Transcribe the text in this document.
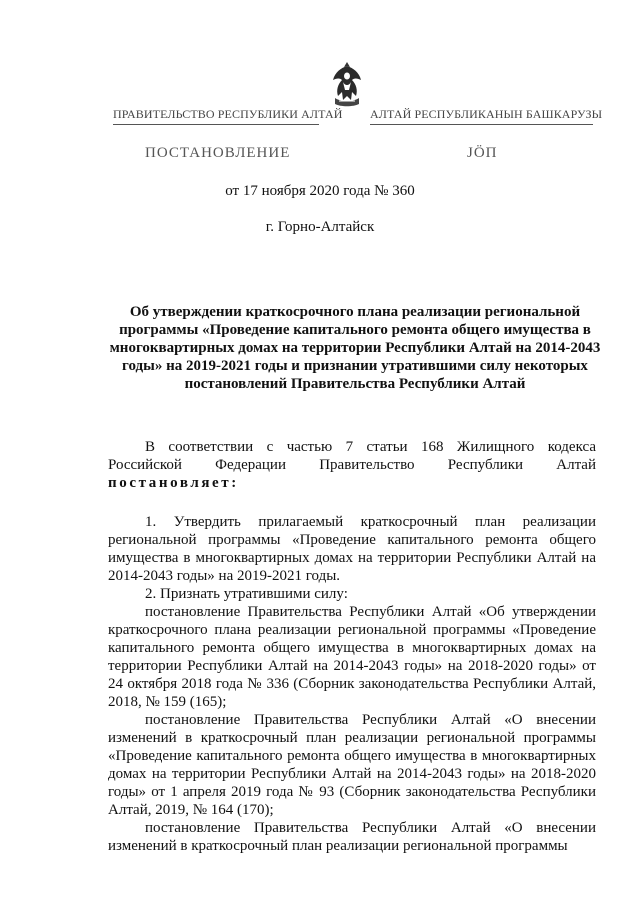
ПРАВИТЕЛЬСТВО РЕСПУБЛИКИ АЛТАЙ АЛТАЙ РЕСПУБЛИКАНЫН БАШКАРУЗЫ
ПОСТАНОВЛЕНИЕ	ЈӦП
от 17 ноября 2020 года № 360
г. Горно-Алтайск
Об утверждении краткосрочного плана реализации региональной программы «Проведение капитального ремонта общего имущества в многоквартирных домах на территории Республики Алтай на 2014-2043 годы» на 2019-2021 годы и признании утратившими силу некоторых постановлений Правительства Республики Алтай

В соответствии с частью 7 статьи 168 Жилищного кодекса Российской Федерации Правительство Республики Алтай постановляет:

1. Утвердить прилагаемый краткосрочный план реализации региональной программы «Проведение капитального ремонта общего имущества в многоквартирных домах на территории Республики Алтай на 2014-2043 годы» на 2019-2021 годы.

2. Признать утратившими силу:

постановление Правительства Республики Алтай «Об утверждении краткосрочного плана реализации региональной программы «Проведение капитального ремонта общего имущества в многоквартирных домах на территории Республики Алтай на 2014-2043 годы» на 2018-2020 годы» от 24 октября 2018 года № 336 (Сборник законодательства Республики Алтай, 2018, № 159 (165);

постановление Правительства Республики Алтай «О внесении изменений в краткосрочный план реализации региональной программы «Проведение капитального ремонта общего имущества в многоквартирных домах на территории Республики Алтай на 2014-2043 годы» на 2018-2020 годы» от 1 апреля 2019 года № 93 (Сборник законодательства Республики Алтай, 2019, № 164 (170);

постановление Правительства Республики Алтай «О внесении изменений в краткосрочный план реализации региональной программы
